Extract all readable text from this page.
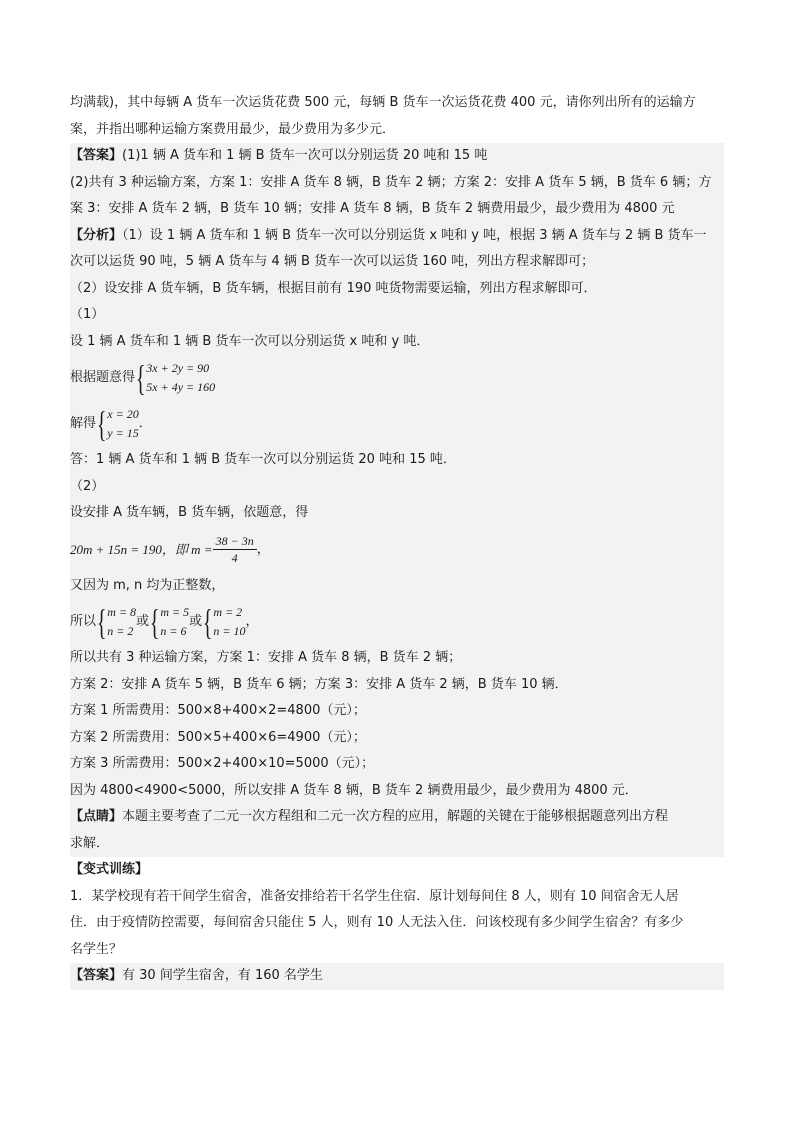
均满载)，其中每辆 A 货车一次运货花费 500 元，每辆 B 货车一次运货花费 400 元，请你列出所有的运输方
案，并指出哪种运输方案费用最少，最少费用为多少元．
【答案】(1)1 辆 A 货车和 1 辆 B 货车一次可以分别运货 20 吨和 15 吨
(2)共有 3 种运输方案，方案 1：安排 A 货车 8 辆，B 货车 2 辆；方案 2：安排 A 货车 5 辆，B 货车 6 辆；方
案 3：安排 A 货车 2 辆，B 货车 10 辆；安排 A 货车 8 辆，B 货车 2 辆费用最少，最少费用为 4800 元
【分析】（1）设 1 辆 A 货车和 1 辆 B 货车一次可以分别运货 x 吨和 y 吨，根据 3 辆 A 货车与 2 辆 B 货车一
次可以运货 90 吨，5 辆 A 货车与 4 辆 B 货车一次可以运货 160 吨，列出方程求解即可；
（2）设安排 A 货车辆，B 货车辆，根据目前有 190 吨货物需要运输，列出方程求解即可．
（1）
设 1 辆 A 货车和 1 辆 B 货车一次可以分别运货 x 吨和 y 吨．
根据题意得 { 3x + 2y = 90
5x + 4y = 160
解得 { x = 20
y = 15
．
答：1 辆 A 货车和 1 辆 B 货车一次可以分别运货 20 吨和 15 吨．
（2）
设安排 A 货车辆，B 货车辆，依题意，得
20m + 15n = 190，即 $m = \frac{38 - 3n}{4}$ ，
又因为 m, n 均为正整数，
所以 { m = 8
n = 2
或 { m = 5
n = 6
或 { m = 2
n = 10
，
所以共有 3 种运输方案，方案 1：安排 A 货车 8 辆，B 货车 2 辆；
方案 2：安排 A 货车 5 辆，B 货车 6 辆；方案 3：安排 A 货车 2 辆，B 货车 10 辆．
方案 1 所需费用：500×8+400×2=4800（元）；
方案 2 所需费用：500×5+400×6=4900（元）；
方案 3 所需费用：500×2+400×10=5000（元）；
因为 4800<4900<5000，所以安排 A 货车 8 辆，B 货车 2 辆费用最少，最少费用为 4800 元．
【点睛】本题主要考查了二元一次方程组和二元一次方程的应用，解题的关键在于能够根据题意列出方程
求解．
【变式训练】
1．某学校现有若干间学生宿舍，准备安排给若干名学生住宿．原计划每间住 8 人，则有 10 间宿舍无人居
住．由于疫情防控需要，每间宿舍只能住 5 人，则有 10 人无法入住．问该校现有多少间学生宿舍？有多少
名学生？
【答案】有 30 间学生宿舍，有 160 名学生
